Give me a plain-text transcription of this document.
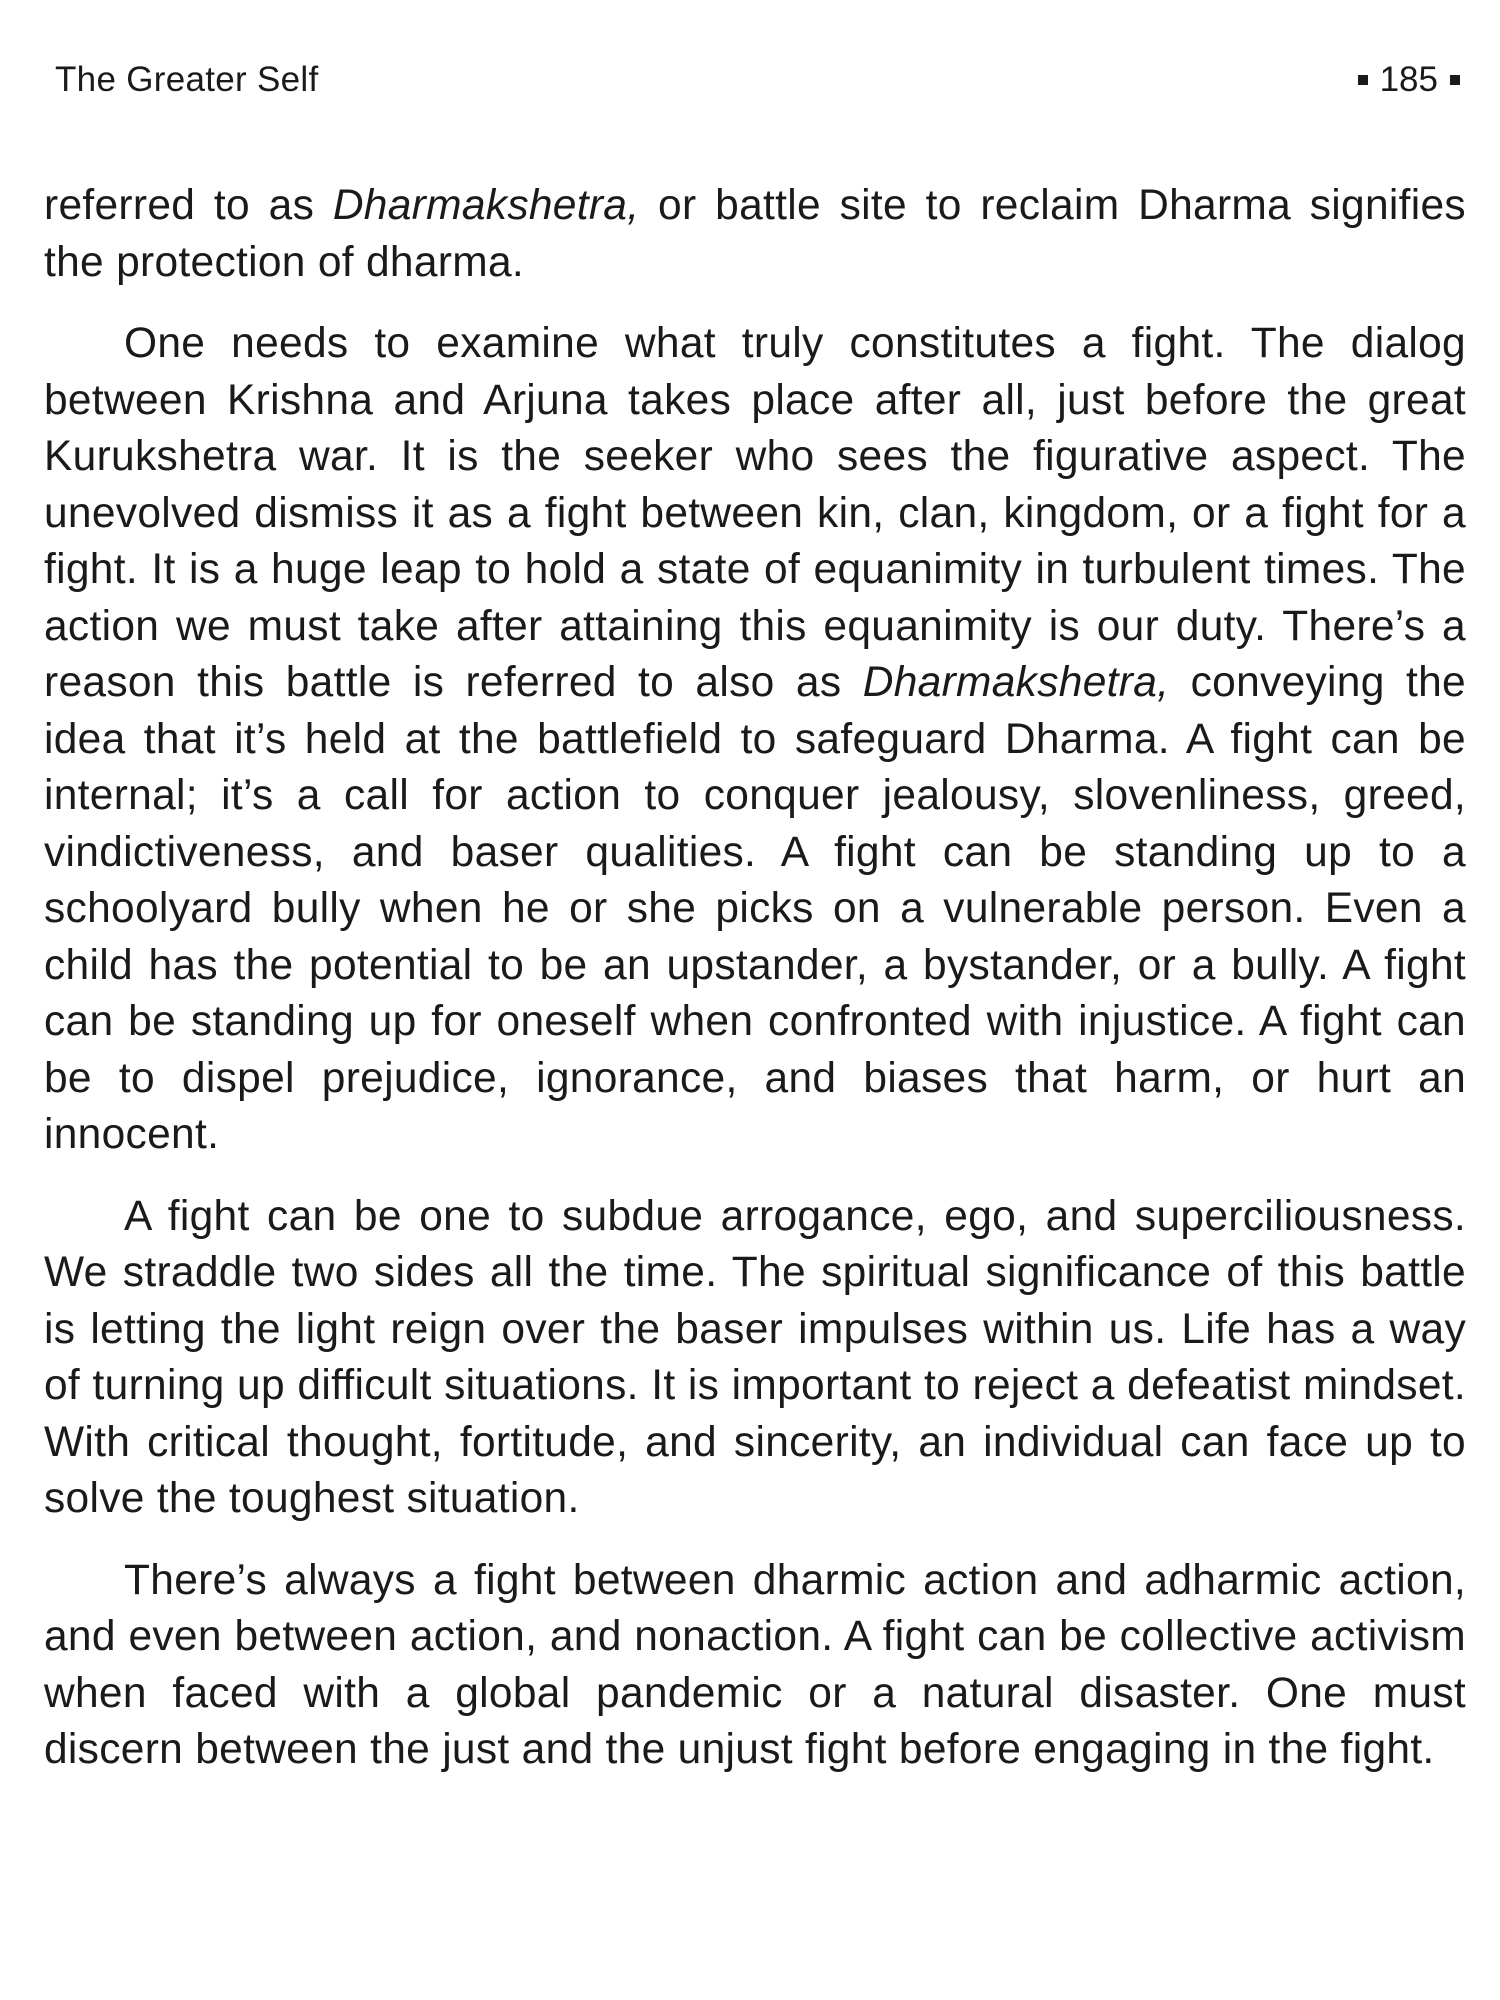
The Greater Self	185

referred to as Dharmakshetra, or battle site to reclaim Dharma signifies the protection of dharma.

One needs to examine what truly constitutes a fight. The dialog between Krishna and Arjuna takes place after all, just before the great Kurukshetra war. It is the seeker who sees the figurative aspect. The unevolved dismiss it as a fight between kin, clan, kingdom, or a fight for a fight. It is a huge leap to hold a state of equanimity in turbulent times. The action we must take after attaining this equanimity is our duty. There’s a reason this battle is referred to also as Dharmakshetra, conveying the idea that it’s held at the battlefield to safeguard Dharma. A fight can be internal; it’s a call for action to conquer jealousy, slovenliness, greed, vindictiveness, and baser qualities. A fight can be standing up to a schoolyard bully when he or she picks on a vulnerable person. Even a child has the potential to be an upstander, a bystander, or a bully. A fight can be standing up for oneself when confronted with injustice. A fight can be to dispel prejudice, ignorance, and biases that harm, or hurt an innocent.

A fight can be one to subdue arrogance, ego, and superciliousness. We straddle two sides all the time. The spiritual significance of this battle is letting the light reign over the baser impulses within us. Life has a way of turning up difficult situations. It is important to reject a defeatist mindset. With critical thought, fortitude, and sincerity, an individual can face up to solve the toughest situation.

There’s always a fight between dharmic action and adharmic action, and even between action, and nonaction. A fight can be collective activism when faced with a global pandemic or a natural disaster. One must discern between the just and the unjust fight before engaging in the fight.
